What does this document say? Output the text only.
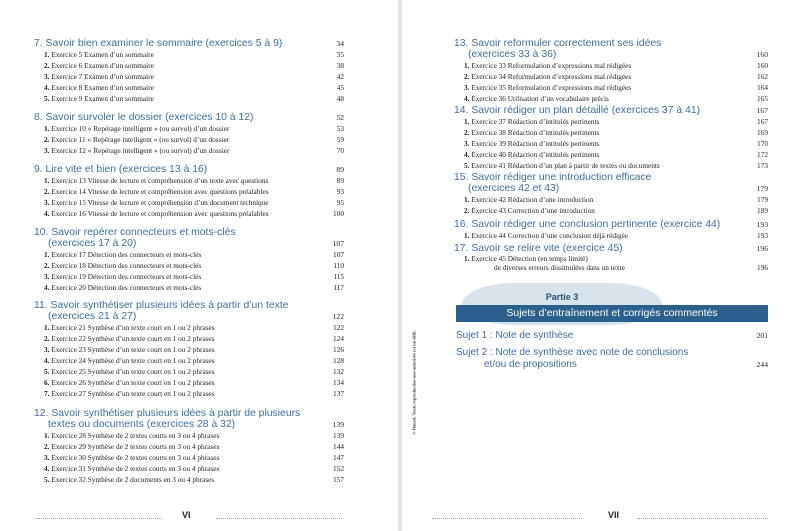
7. Savoir bien examiner le sommaire (exercices 5 à 9)	34
1. Exercice 5 Examen d’un sommaire	35
2. Exercice 6 Examen d’un sommaire	38
3. Exercice 7 Examen d’un sommaire	42
4. Exercice 8 Examen d’un sommaire	45
5. Exercice 9 Examen d’un sommaire	48
8. Savoir survoler le dossier (exercices 10 à 12)	52
1. Exercice 10 « Repérage intelligent » (ou survol) d’un dossier	53
2. Exercice 11 « Repérage intelligent » (ou survol) d’un dossier	59
3. Exercice 12 « Repérage intelligent » (ou survol) d’un dossier	70
9. Lire vite et bien (exercices 13 à 16)	89
1. Exercice 13 Vitesse de lecture et compréhension d’un texte avec questions	89
2. Exercice 14 Vitesse de lecture et compréhension avec questions préalables	93
3. Exercice 15 Vitesse de lecture et compréhension d’un document technique	95
4. Exercice 16 Vitesse de lecture et compréhension avec questions préalables	100
10. Savoir repérer connecteurs et mots-clés
(exercices 17 à 20)	107
1. Exercice 17 Détection des connecteurs et mots-clés	107
2. Exercice 18 Détection des connecteurs et mots-clés	110
3. Exercice 19 Détection des connecteurs et mots-clés	115
4. Exercice 20 Détection des connecteurs et mots-clés	117
11. Savoir synthétiser plusieurs idées à partir d’un texte
(exercices 21 à 27)	122
1. Exercice 21 Synthèse d’un texte court en 1 ou 2 phrases	122
2. Exercice 22 Synthèse d’un texte court en 1 ou 2 phrases	124
3. Exercice 23 Synthèse d’un texte court en 1 ou 2 phrases	126
4. Exercice 24 Synthèse d’un texte court en 1 ou 2 phrases	128
5. Exercice 25 Synthèse d’un texte court en 1 ou 2 phrases	132
6. Exercice 26 Synthèse d’un texte court en 1 ou 2 phrases	134
7. Exercice 27 Synthèse d’un texte court en 1 ou 2 phrases	137
12. Savoir synthétiser plusieurs idées à partir de plusieurs
textes ou documents (exercices 28 à 32)	139
1. Exercice 28 Synthèse de 2 textes courts en 3 ou 4 phrases	139
2. Exercice 29 Synthèse de 2 textes courts en 3 ou 4 phrases	144
3. Exercice 30 Synthèse de 2 textes courts en 3 ou 4 phrases	147
4. Exercice 31 Synthèse de 2 textes courts en 3 ou 4 phrases	152
5. Exercice 32 Synthèse de 2 documents en 3 ou 4 phrases	157
VI
© Dunod. Toute reproduction non autorisée est un délit.
13. Savoir reformuler correctement ses idées
(exercices 33 à 36)	160
1. Exercice 33 Reformulation d’expressions mal rédigées	160
2. Exercice 34 Reformulation d’expressions mal rédigées	162
3. Exercice 35 Reformulation d’expressions mal rédigées	164
4. Exercice 36 Utilisation d’un vocabulaire précis	165
14. Savoir rédiger un plan détaillé (exercices 37 à 41)	167
1. Exercice 37 Rédaction d’intitulés pertinents	167
2. Exercice 38 Rédaction d’intitulés pertinents	169
3. Exercice 39 Rédaction d’intitulés pertinents	170
4. Exercice 40 Rédaction d’intitulés pertinents	172
5. Exercice 41 Rédaction d’un plan à partir de textes ou documents	173
15. Savoir rédiger une introduction efficace
(exercices 42 et 43)	179
1. Exercice 42 Rédaction d’une introduction	179
2. Exercice 43 Correction d’une introduction	189
16. Savoir rédiger une conclusion pertinente (exercice 44)	193
1. Exercice 44 Correction d’une conclusion déjà rédigée	193
17. Savoir se relire vite (exercice 45)	196
1. Exercice 45 Détection (en temps limité)
de diverses erreurs dissimulées dans un texte	196
Partie 3
Sujets d’entraînement et corrigés commentés
Sujet 1 : Note de synthèse	201
Sujet 2 : Note de synthèse avec note de conclusions
et/ou de propositions	244
VII
